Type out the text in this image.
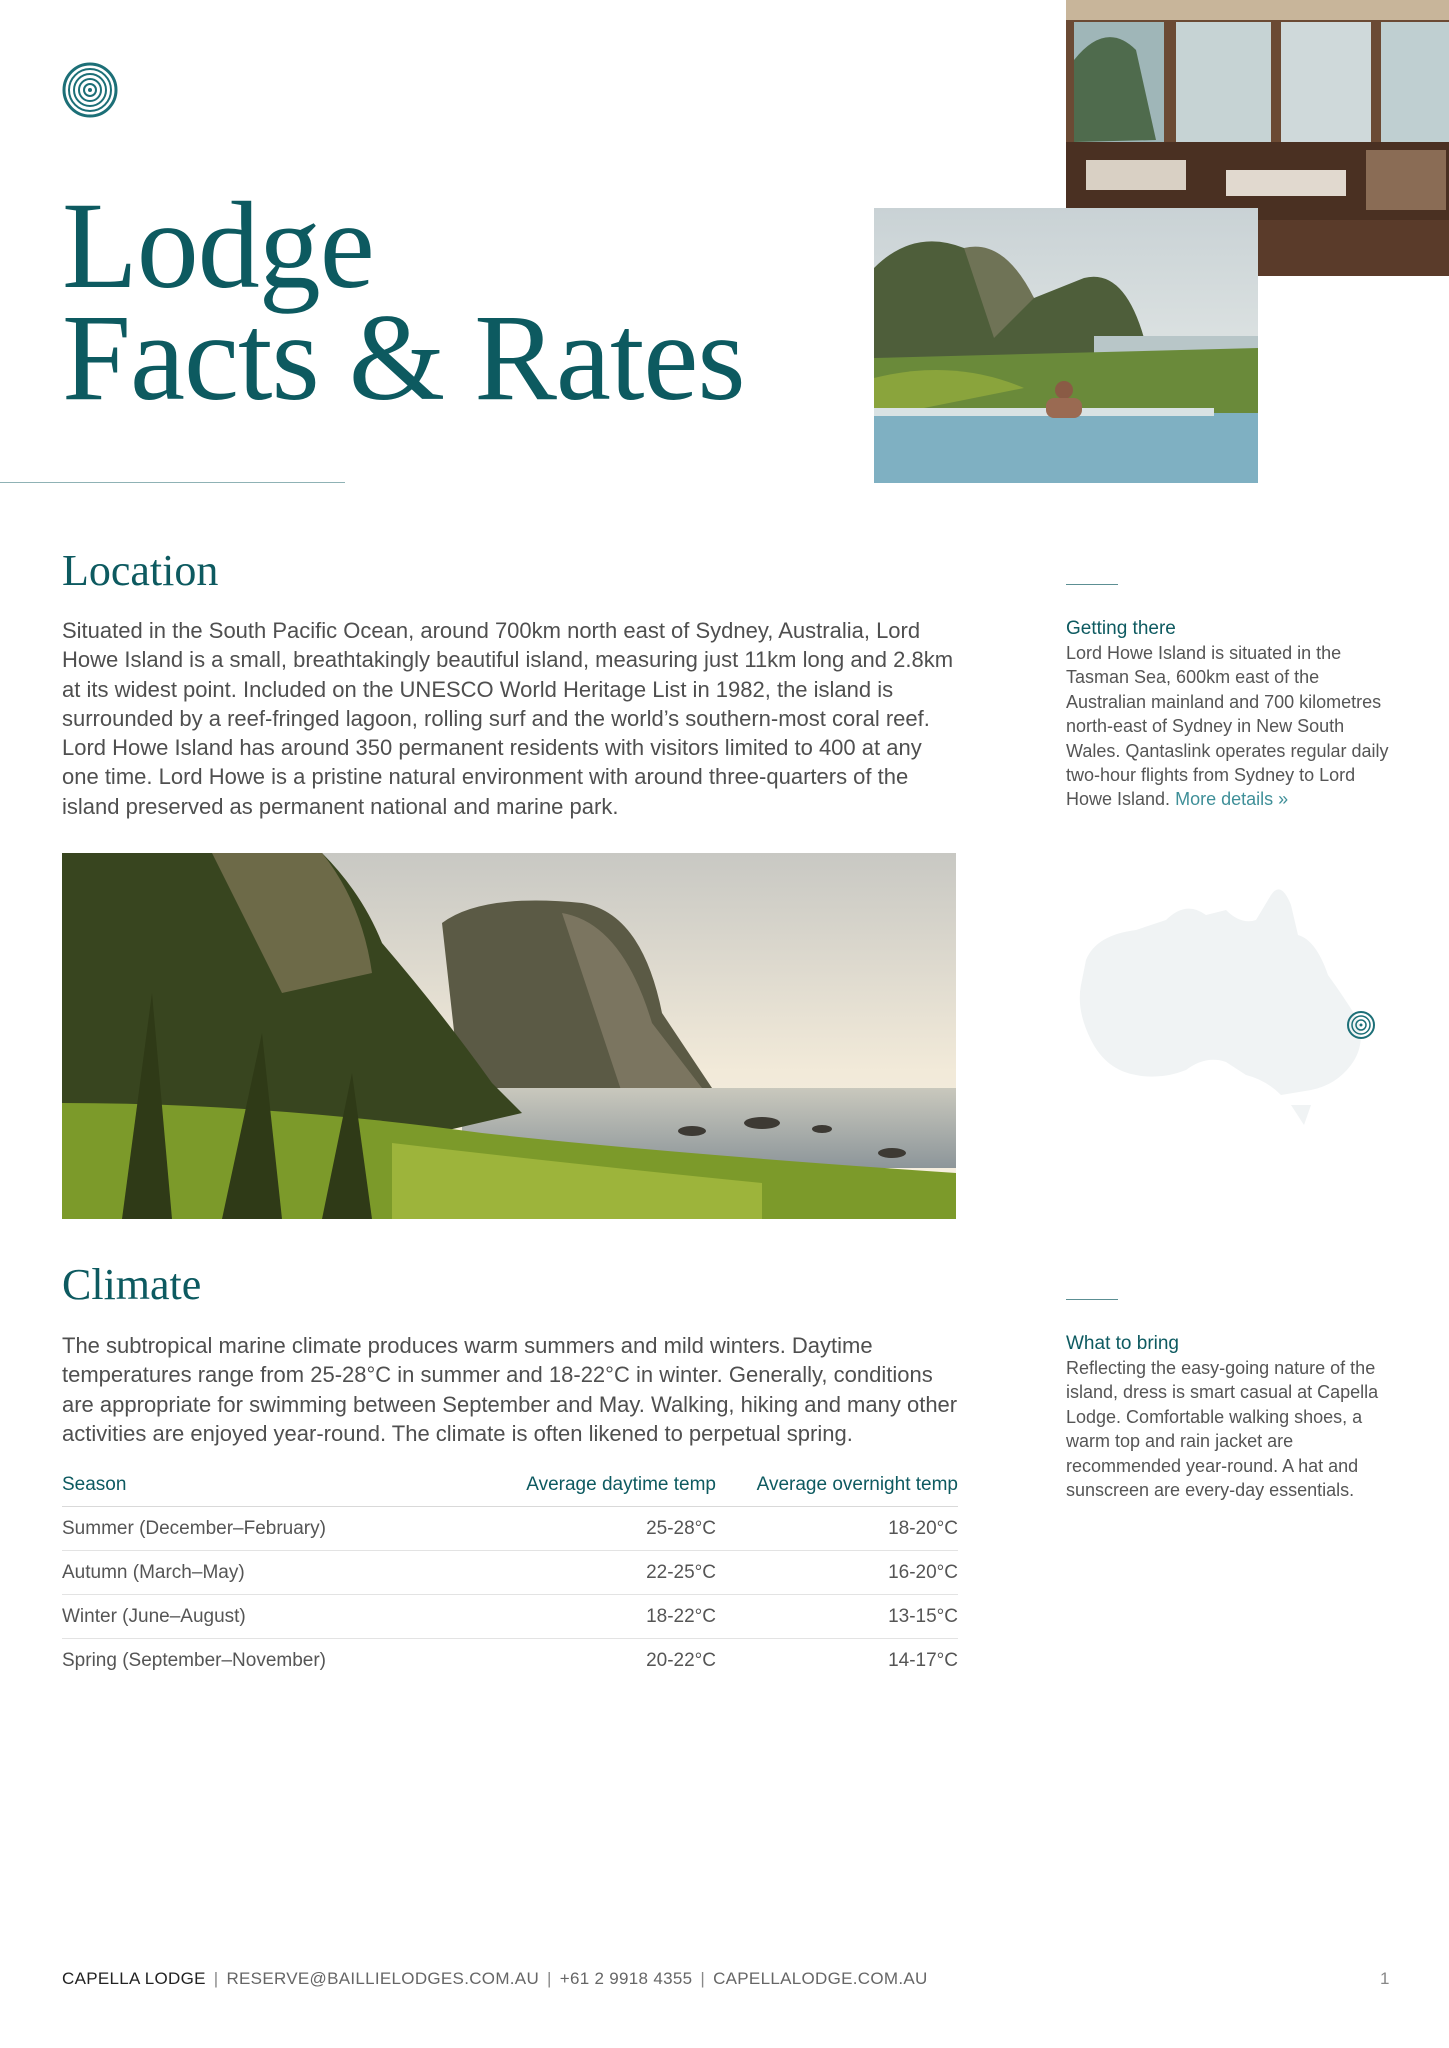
Lodge
Facts & Rates
Location

Situated in the South Pacific Ocean, around 700km north east of Sydney, Australia, Lord Howe Island is a small, breathtakingly beautiful island, measuring just 11km long and 2.8km at its widest point. Included on the UNESCO World Heritage List in 1982, the island is surrounded by a reef-fringed lagoon, rolling surf and the world’s southern-most coral reef. Lord Howe Island has around 350 permanent residents with visitors limited to 400 at any one time. Lord Howe is a pristine natural environment with around three-quarters of the island preserved as permanent national and marine park.

Climate

The subtropical marine climate produces warm summers and mild winters. Daytime temperatures range from 25-28°C in summer and 18-22°C in winter. Generally, conditions are appropriate for swimming between September and May. Walking, hiking and many other activities are enjoyed year-round. The climate is often likened to perpetual spring.

Season	Average daytime temp	Average overnight temp
Summer (December–February)	25-28°C	18-20°C
Autumn (March–May)	22-25°C	16-20°C
Winter (June–August)	18-22°C	13-15°C
Spring (September–November)	20-22°C	14-17°C
Getting there

Lord Howe Island is situated in the Tasman Sea, 600km east of the Australian mainland and 700 kilometres north-east of Sydney in New South Wales. Qantaslink operates regular daily two-hour flights from Sydney to Lord Howe Island. More details »

What to bring

Reflecting the easy-going nature of the island, dress is smart casual at Capella Lodge. Comfortable walking shoes, a warm top and rain jacket are recommended year-round. A hat and sunscreen are every-day essentials.

CAPELLA LODGE | RESERVE@BAILLIELODGES.COM.AU | +61 2 9918 4355 | CAPELLALODGE.COM.AU	1
